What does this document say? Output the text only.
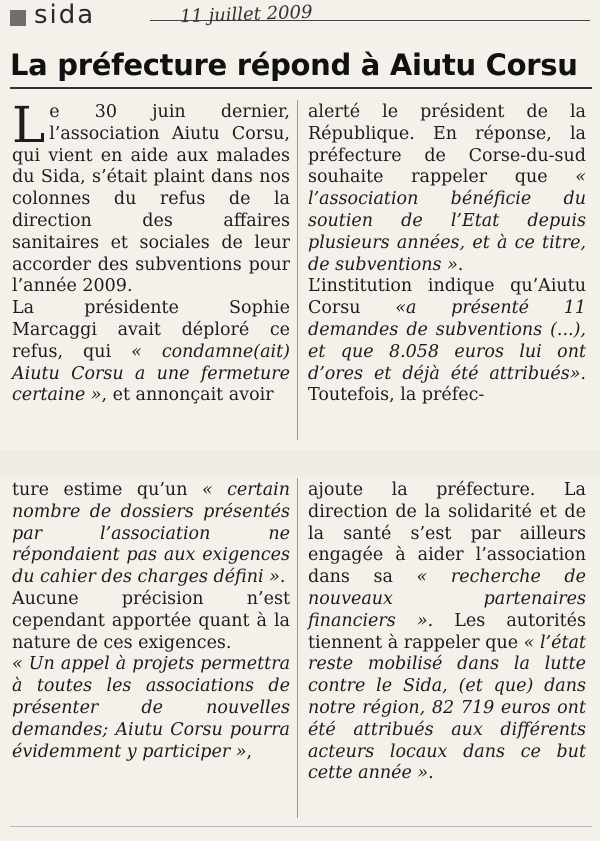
sida	11 juillet 2009
La préfecture répond à Aiutu Corsu

Le 30 juin dernier, l’association Aiutu Corsu, qui vient en aide aux malades du Sida, s’était plaint dans nos colonnes du refus de la direction des affaires sanitaires et sociales de leur accorder des subventions pour l’année 2009.

La présidente Sophie Marcaggi avait déploré ce refus, qui « condamne(ait) Aiutu Corsu a une fermeture certaine », et annonçait avoir

alerté le président de la République. En réponse, la préfecture de Corse-du-sud souhaite rappeler que « l’association bénéficie du soutien de l’Etat depuis plusieurs années, et à ce titre, de subventions ».

L’institution indique qu’Aiutu Corsu «a présenté 11 demandes de subventions (...), et que 8.058 euros lui ont d’ores et déjà été attribués». Toutefois, la préfec-

ture estime qu’un « certain nombre de dossiers présentés par l’association ne répondaient pas aux exigences du cahier des charges défini ».

Aucune précision n’est cependant apportée quant à la nature de ces exigences.

« Un appel à projets permettra à toutes les associations de présenter de nouvelles demandes; Aiutu Corsu pourra évidemment y participer »,

ajoute la préfecture. La direction de la solidarité et de la santé s’est par ailleurs engagée à aider l’association dans sa « recherche de nouveaux partenaires financiers ». Les autorités tiennent à rappeler que « l’état reste mobilisé dans la lutte contre le Sida, (et que) dans notre région, 82 719 euros ont été attribués aux différents acteurs locaux dans ce but cette année ».
